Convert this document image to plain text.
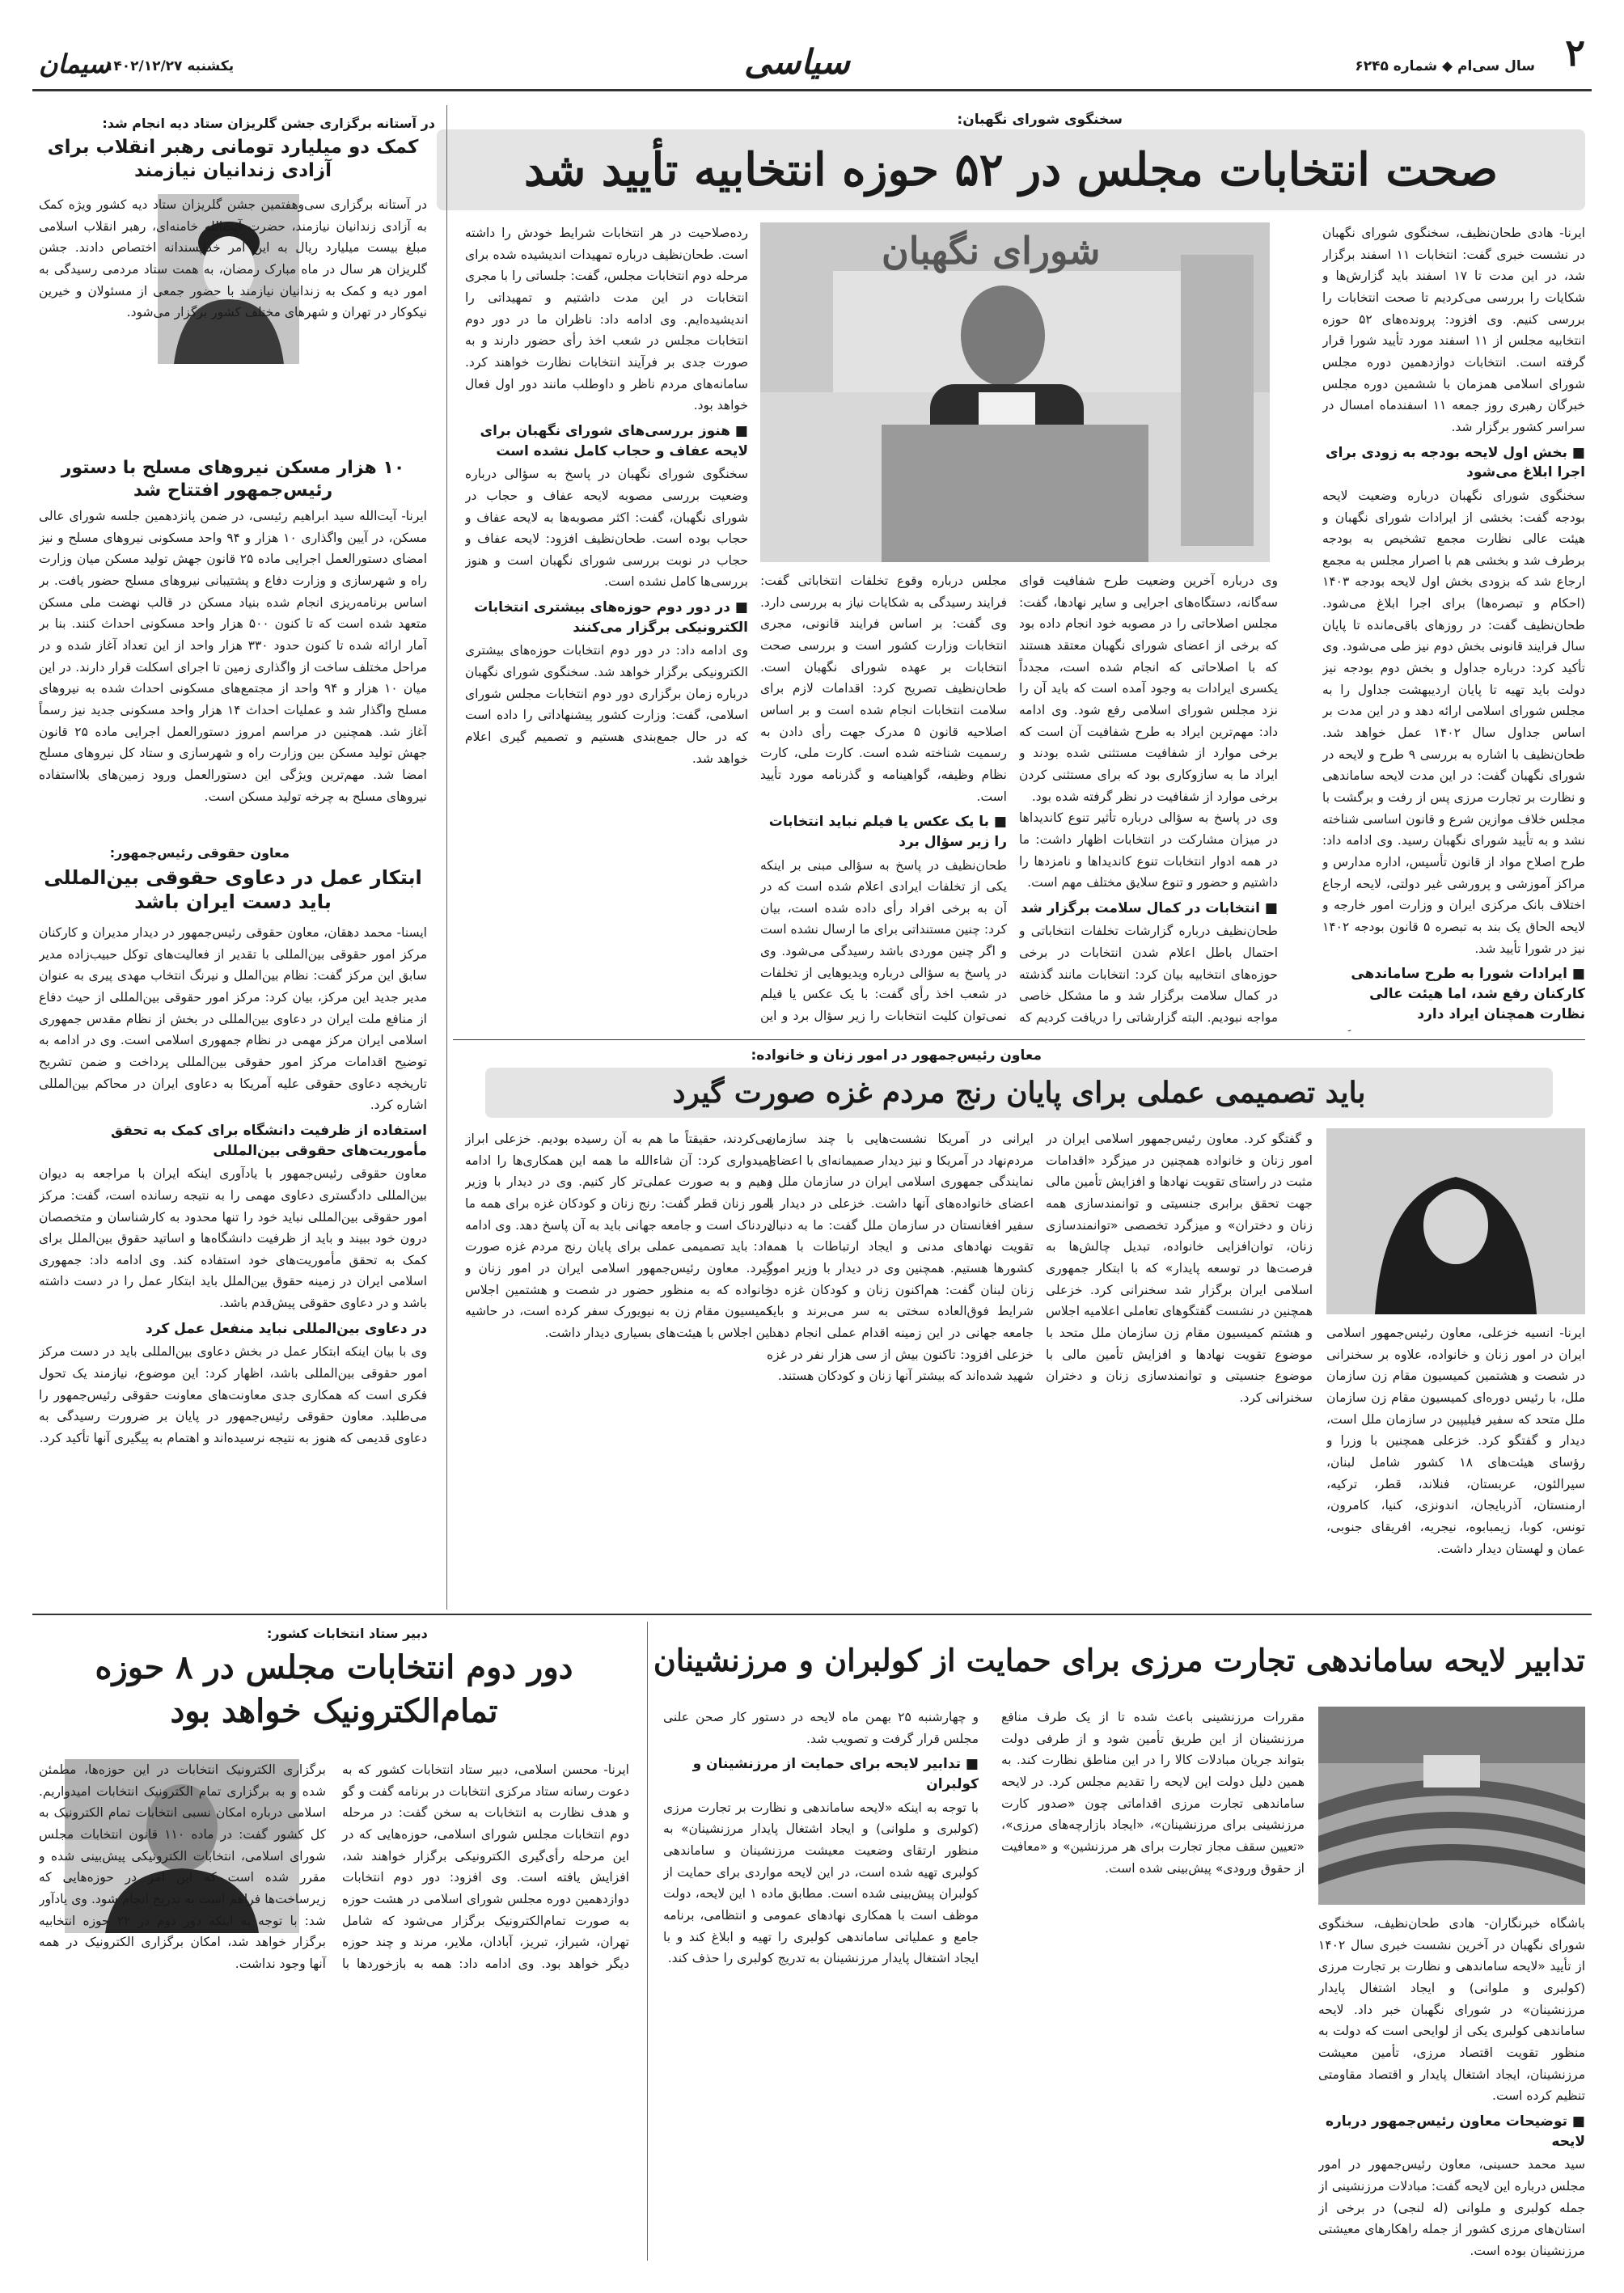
۲
سال سی‌ام ◆ شماره ۶۲۴۵
سیاسی
یکشنبه ۱۴۰۲/۱۲/۲۷
سیمان
سخنگوی شورای نگهبان:
صحت انتخابات مجلس در ۵۲ حوزه انتخابیه تأیید شد
شورای نگهبان	ایرنا- هادی طحان‌نظیف، سخنگوی شورای نگهبان در نشست خبری گفت: انتخابات ۱۱ اسفند برگزار شد، در این مدت تا ۱۷ اسفند باید گزارش‌ها و شکایات را بررسی می‌کردیم تا صحت انتخابات را بررسی کنیم. وی افزود: پرونده‌های ۵۲ حوزه انتخابیه مجلس از ۱۱ اسفند مورد تأیید شورا قرار گرفته است. انتخابات دوازدهمین دوره مجلس شورای اسلامی همزمان با ششمین دوره مجلس خبرگان رهبری روز جمعه ۱۱ اسفندماه امسال در سراسر کشور برگزار شد.

■ بخش اول لایحه بودجه به زودی برای اجرا ابلاغ می‌شود

سخنگوی شورای نگهبان درباره وضعیت لایحه بودجه گفت: بخشی از ایرادات شورای نگهبان و هیئت عالی نظارت مجمع تشخیص به بودجه برطرف شد و بخشی هم با اصرار مجلس به مجمع ارجاع شد که بزودی بخش اول لایحه بودجه ۱۴۰۳ (احکام و تبصره‌ها) برای اجرا ابلاغ می‌شود. طحان‌نظیف گفت: در روزهای باقی‌مانده تا پایان سال فرایند قانونی بخش دوم نیز طی می‌شود. وی تأکید کرد: درباره جداول و بخش دوم بودجه نیز دولت باید تهیه تا پایان اردیبهشت جداول را به مجلس شورای اسلامی ارائه دهد و در این مدت بر اساس جداول سال ۱۴۰۲ عمل خواهد شد. طحان‌نظیف با اشاره به بررسی ۹ طرح و لایحه در شورای نگهبان گفت: در این مدت لایحه ساماندهی و نظارت بر تجارت مرزی پس از رفت و برگشت با مجلس خلاف موازین شرع و قانون اساسی شناخته نشد و به تأیید شورای نگهبان رسید. وی ادامه داد: طرح اصلاح مواد از قانون تأسیس، اداره مدارس و مراکز آموزشی و پرورشی غیر دولتی، لایحه ارجاع اختلاف بانک مرکزی ایران و وزارت امور خارجه و لایحه الحاق یک بند به تبصره ۵ قانون بودجه ۱۴۰۲ نیز در شورا تأیید شد.

■ ایرادات شورا به طرح ساماندهی کارکنان رفع شد، اما هیئت عالی نظارت همچنان ایراد دارد

وی درباره آخرین وضعیت طرح شفافیت قوای سه‌گانه، دستگاه‌های اجرایی و سایر نهادها، گفت: مجلس اصلاحاتی را در مصوبه خود انجام داده بود که برخی از اعضای شورای نگهبان معتقد هستند که با اصلاحاتی که انجام شده است، مجدداً یکسری ایرادات به وجود آمده است که باید آن را نزد مجلس شورای اسلامی رفع شود. وی ادامه داد: مهم‌ترین ایراد به طرح شفافیت آن است که برخی موارد از شفافیت مستثنی شده بودند و ایراد ما به سازوکاری بود که برای مستثنی کردن برخی موارد از شفافیت در نظر گرفته شده بود.

وی در پاسخ به سؤالی درباره تأثیر تنوع کاندیداها در میزان مشارکت در انتخابات اظهار داشت: ما در همه ادوار انتخابات تنوع کاندیداها و نامزدها را داشتیم و حضور و تنوع سلایق مختلف مهم است.

■ انتخابات در کمال سلامت برگزار شد

طحان‌نظیف درباره گزارشات تخلفات انتخاباتی و احتمال باطل اعلام شدن انتخابات در برخی حوزه‌های انتخابیه بیان کرد: انتخابات مانند گذشته در کمال سلامت برگزار شد و ما مشکل خاصی مواجه نبودیم. البته گزارشاتی را دریافت کردیم که

مجلس درباره وقوع تخلفات انتخاباتی گفت: فرایند رسیدگی به شکایات نیاز به بررسی دارد. وی گفت: بر اساس فرایند قانونی، مجری انتخابات وزارت کشور است و بررسی صحت انتخابات بر عهده شورای نگهبان است. طحان‌نظیف تصریح کرد: اقدامات لازم برای سلامت انتخابات انجام شده است و بر اساس اصلاحیه قانون ۵ مدرک جهت رأی دادن به رسمیت شناخته شده است. کارت ملی، کارت نظام وظیفه، گواهینامه و گذرنامه مورد تأیید است.

■ با یک عکس یا فیلم نباید انتخابات را زیر سؤال برد

طحان‌نظیف در پاسخ به سؤالی مبنی بر اینکه یکی از تخلفات ایرادی اعلام شده است که در آن به برخی افراد رأی داده شده است، بیان کرد: چنین مستنداتی برای ما ارسال نشده است و اگر چنین موردی باشد رسیدگی می‌شود. وی در پاسخ به سؤالی درباره ویدیوهایی از تخلفات در شعب اخذ رأی گفت: با یک عکس یا فیلم نمی‌توان کلیت انتخابات را زیر سؤال برد و این

رده‌صلاحیت در هر انتخابات شرایط خودش را داشته است. طحان‌نظیف درباره تمهیدات اندیشیده شده برای مرحله دوم انتخابات مجلس، گفت: جلساتی را با مجری انتخابات در این مدت داشتیم و تمهیداتی را اندیشیده‌ایم. وی ادامه داد: ناظران ما در دور دوم انتخابات مجلس در شعب اخذ رأی حضور دارند و به صورت جدی بر فرآیند انتخابات نظارت خواهند کرد. سامانه‌های مردم ناظر و داوطلب مانند دور اول فعال خواهد بود.

■ هنوز بررسی‌های شورای نگهبان برای لایحه عفاف و حجاب کامل نشده است

سخنگوی شورای نگهبان در پاسخ به سؤالی درباره وضعیت بررسی مصوبه لایحه عفاف و حجاب در شورای نگهبان، گفت: اکثر مصوبه‌ها به لایحه عفاف و حجاب بوده است. طحان‌نظیف افزود: لایحه عفاف و حجاب در نوبت بررسی شورای نگهبان است و هنوز بررسی‌ها کامل نشده است.

■ در دور دوم حوزه‌های بیشتری انتخابات الکترونیکی برگزار می‌کنند

وی ادامه داد: در دور دوم انتخابات حوزه‌های بیشتری الکترونیکی برگزار خواهد شد. سخنگوی شورای نگهبان درباره زمان برگزاری دور دوم انتخابات مجلس شورای اسلامی، گفت: وزارت کشور پیشنهاداتی را داده است که در حال جمع‌بندی هستیم و تصمیم گیری اعلام خواهد شد.

در آستانه برگزاری جشن گلریزان ستاد دیه انجام شد:
کمک دو میلیارد تومانی رهبر انقلاب برای آزادی زندانیان نیازمند

در آستانه برگزاری سی‌وهفتمین جشن گلریزان ستاد دیه کشور ویژه کمک به آزادی زندانیان نیازمند، حضرت آیت‌الله خامنه‌ای، رهبر انقلاب اسلامی مبلغ بیست میلیارد ریال به این امر خداپسندانه اختصاص دادند. جشن گلریزان هر سال در ماه مبارک رمضان، به همت ستاد مردمی رسیدگی به امور دیه و کمک به زندانیان نیازمند با حضور جمعی از مسئولان و خیرین نیکوکار در تهران و شهرهای مختلف کشور برگزار می‌شود.

۱۰ هزار مسکن نیروهای مسلح با دستور رئیس‌جمهور افتتاح شد

ایرنا- آیت‌الله سید ابراهیم رئیسی، در ضمن پانزدهمین جلسه شورای عالی مسکن، در آیین واگذاری ۱۰ هزار و ۹۴ واحد مسکونی نیروهای مسلح و نیز امضای دستورالعمل اجرایی ماده ۲۵ قانون جهش تولید مسکن میان وزارت راه و شهرسازی و وزارت دفاع و پشتیبانی نیروهای مسلح حضور یافت. بر اساس برنامه‌ریزی انجام شده بنیاد مسکن در قالب نهضت ملی مسکن متعهد شده است که تا کنون ۵۰۰ هزار واحد مسکونی احداث کنند. بنا بر آمار ارائه شده تا کنون حدود ۳۳۰ هزار واحد از این تعداد آغاز شده و در مراحل مختلف ساخت از واگذاری زمین تا اجرای اسکلت قرار دارند. در این میان ۱۰ هزار و ۹۴ واحد از مجتمع‌های مسکونی احداث شده به نیروهای مسلح واگذار شد و عملیات احداث ۱۴ هزار واحد مسکونی جدید نیز رسماً آغاز شد. همچنین در مراسم امروز دستورالعمل اجرایی ماده ۲۵ قانون جهش تولید مسکن بین وزارت راه و شهرسازی و ستاد کل نیروهای مسلح امضا شد. مهم‌ترین ویژگی این دستورالعمل ورود زمین‌های بلااستفاده نیروهای مسلح به چرخه تولید مسکن است.

معاون حقوقی رئیس‌جمهور:
ابتکار عمل در دعاوی حقوقی بین‌المللی باید دست ایران باشد

ایسنا- محمد دهقان، معاون حقوقی رئیس‌جمهور در دیدار مدیران و کارکنان مرکز امور حقوقی بین‌المللی با تقدیر از فعالیت‌های توکل حبیب‌زاده مدیر سابق این مرکز گفت: نظام بین‌الملل و نیرنگ انتخاب مهدی پیری به عنوان مدیر جدید این مرکز، بیان کرد: مرکز امور حقوقی بین‌المللی از حیث دفاع از منافع ملت ایران در دعاوی بین‌المللی در بخش از نظام مقدس جمهوری اسلامی ایران مرکز مهمی در نظام جمهوری اسلامی است. وی در ادامه به توضیح اقدامات مرکز امور حقوقی بین‌المللی پرداخت و ضمن تشریح تاریخچه دعاوی حقوقی علیه آمریکا به دعاوی ایران در محاکم بین‌المللی اشاره کرد.

استفاده از ظرفیت دانشگاه برای کمک به تحقق مأموریت‌های حقوقی بین‌المللی

معاون حقوقی رئیس‌جمهور با یادآوری اینکه ایران با مراجعه به دیوان بین‌المللی دادگستری دعاوی مهمی را به نتیجه رسانده است، گفت: مرکز امور حقوقی بین‌المللی نباید خود را تنها محدود به کارشناسان و متخصصان درون خود ببیند و باید از ظرفیت دانشگاه‌ها و اساتید حقوق بین‌الملل برای کمک به تحقق مأموریت‌های خود استفاده کند. وی ادامه داد: جمهوری اسلامی ایران در زمینه حقوق بین‌الملل باید ابتکار عمل را در دست داشته باشد و در دعاوی حقوقی پیش‌قدم باشد.

در دعاوی بین‌المللی نباید منفعل عمل کرد

وی با بیان اینکه ابتکار عمل در بخش دعاوی بین‌المللی باید در دست مرکز امور حقوقی بین‌المللی باشد، اظهار کرد: این موضوع، نیازمند یک تحول فکری است که همکاری جدی معاونت‌های معاونت حقوقی رئیس‌جمهور را می‌طلبد. معاون حقوقی رئیس‌جمهور در پایان بر ضرورت رسیدگی به دعاوی قدیمی که هنوز به نتیجه نرسیده‌اند و اهتمام به پیگیری آنها تأکید کرد.

معاون رئیس‌جمهور در امور زنان و خانواده:
باید تصمیمی عملی برای پایان رنج مردم غزه صورت گیرد

ایرنا- انسیه خزعلی، معاون رئیس‌جمهور اسلامی ایران در امور زنان و خانواده، علاوه بر سخنرانی در شصت و هشتمین کمیسیون مقام زن سازمان ملل، با رئیس دوره‌ای کمیسیون مقام زن سازمان ملل متحد که سفیر فیلیپین در سازمان ملل است، دیدار و گفتگو کرد. خزعلی همچنین با وزرا و رؤسای هیئت‌های ۱۸ کشور شامل لبنان، سیرالئون، عربستان، فنلاند، قطر، ترکیه، ارمنستان، آذربایجان، اندونزی، کنیا، کامرون، تونس، کوبا، زیمبابوه، نیجریه، افریقای جنوبی، عمان و لهستان دیدار داشت.

و گفتگو کرد. معاون رئیس‌جمهور اسلامی ایران در امور زنان و خانواده همچنین در میزگرد «اقدامات مثبت در راستای تقویت نهادها و افزایش تأمین مالی جهت تحقق برابری جنسیتی و توانمندسازی همه زنان و دختران» و میزگرد تخصصی «توانمندسازی زنان، توان‌افزایی خانواده، تبدیل چالش‌ها به فرصت‌ها در توسعه پایدار» که با ابتکار جمهوری اسلامی ایران برگزار شد سخنرانی کرد. خزعلی همچنین در نشست گفتگوهای تعاملی اعلامیه اجلاس و هشتم کمیسیون مقام زن سازمان ملل متحد با موضوع تقویت نهادها و افزایش تأمین مالی با موضوع جنسیتی و توانمندسازی زنان و دختران سخنرانی کرد.

ایرانی در آمریکا نشست‌هایی با چند سازمان مردم‌نهاد در آمریکا و نیز دیدار صمیمانه‌ای با اعضای نمایندگی جمهوری اسلامی ایران در سازمان ملل و اعضای خانواده‌های آنها داشت. خزعلی در دیدار با سفیر افغانستان در سازمان ملل گفت: ما به دنبال تقویت نهادهای مدنی و ایجاد ارتباطات با همه کشورها هستیم. همچنین وی در دیدار با وزیر امور زنان لبنان گفت: هم‌اکنون زنان و کودکان غزه در شرایط فوق‌العاده سختی به سر می‌برند و باید جامعه جهانی در این زمینه اقدام عملی انجام دهد. خزعلی افزود: تاکنون بیش از سی هزار نفر در غزه شهید شده‌اند که بیشتر آنها زنان و کودکان هستند.

می‌کردند، حقیقتاً ما هم به آن رسیده بودیم. خزعلی ابراز امیدواری کرد: آن شاءالله ما همه این همکاری‌ها را ادامه دهیم و به صورت عملی‌تر کار کنیم. وی در دیدار با وزیر امور زنان قطر گفت: رنج زنان و کودکان غزه برای همه ما دردناک است و جامعه جهانی باید به آن پاسخ دهد. وی ادامه داد: باید تصمیمی عملی برای پایان رنج مردم غزه صورت گیرد. معاون رئیس‌جمهور اسلامی ایران در امور زنان و خانواده که به منظور حضور در شصت و هشتمین اجلاس کمیسیون مقام زن به نیویورک سفر کرده است، در حاشیه این اجلاس با هیئت‌های بسیاری دیدار داشت.

دبیر ستاد انتخابات کشور:
دور دوم انتخابات مجلس در ۸ حوزه تمام‌الکترونیک خواهد بود

ایرنا- محسن اسلامی، دبیر ستاد انتخابات کشور که به دعوت رسانه ستاد مرکزی انتخابات در برنامه گفت و گو و هدف نظارت به انتخابات به سخن گفت: در مرحله دوم انتخابات مجلس شورای اسلامی، حوزه‌هایی که در این مرحله رأی‌گیری الکترونیکی برگزار خواهند شد، افزایش یافته است. وی افزود: دور دوم انتخابات دوازدهمین دوره مجلس شورای اسلامی در هشت حوزه به صورت تمام‌الکترونیک برگزار می‌شود که شامل تهران، شیراز، تبریز، آبادان، ملایر، مرند و چند حوزه دیگر خواهد بود. وی ادامه داد: همه به بازخوردها با برگزاری الکترونیک انتخابات در این حوزه‌ها، مطمئن شده و به برگزاری تمام الکترونیک انتخابات امیدواریم. اسلامی درباره امکان نسبی انتخابات تمام الکترونیک به کل کشور گفت: در ماده ۱۱۰ قانون انتخابات مجلس شورای اسلامی، انتخابات الکترونیکی پیش‌بینی شده و مقرر شده است که این امر در حوزه‌هایی که زیرساخت‌ها فراهم است به تدریج انجام شود. وی یادآور شد: با توجه به اینکه دور دوم در ۲۲ حوزه انتخابیه برگزار خواهد شد، امکان برگزاری الکترونیک در همه آنها وجود نداشت.

تدابیر لایحه ساماندهی تجارت مرزی برای حمایت از کولبران و مرزنشینان

باشگاه خبرنگاران- هادی طحان‌نظیف، سخنگوی شورای نگهبان در آخرین نشست خبری سال ۱۴۰۲ از تأیید «لایحه ساماندهی و نظارت بر تجارت مرزی (کولبری و ملوانی) و ایجاد اشتغال پایدار مرزنشینان» در شورای نگهبان خبر داد. لایحه ساماندهی کولبری یکی از لوایحی است که دولت به منظور تقویت اقتصاد مرزی، تأمین معیشت مرزنشینان، ایجاد اشتغال پایدار و اقتصاد مقاومتی تنظیم کرده است.

■ توضیحات معاون رئیس‌جمهور درباره لایحه

سید محمد حسینی، معاون رئیس‌جمهور در امور مجلس درباره این لایحه گفت: مبادلات مرزنشینی از جمله کولبری و ملوانی (له لنجی) در برخی از استان‌های مرزی کشور از جمله راهکارهای معیشتی مرزنشینان بوده است.

مقررات مرزنشینی باعث شده تا از یک طرف منافع مرزنشینان از این طریق تأمین شود و از طرفی دولت بتواند جریان مبادلات کالا را در این مناطق نظارت کند. به همین دلیل دولت این لایحه را تقدیم مجلس کرد. در لایحه ساماندهی تجارت مرزی اقداماتی چون «صدور کارت مرزنشینی برای مرزنشینان»، «ایجاد بازارچه‌های مرزی»، «تعیین سقف مجاز تجارت برای هر مرزنشین» و «معافیت از حقوق ورودی» پیش‌بینی شده است.

و چهارشنبه ۲۵ بهمن ماه لایحه در دستور کار صحن علنی مجلس قرار گرفت و تصویب شد.

■ تدابیر لایحه برای حمایت از مرزنشینان و کولبران

با توجه به اینکه «لایحه ساماندهی و نظارت بر تجارت مرزی (کولبری و ملوانی) و ایجاد اشتغال پایدار مرزنشینان» به منظور ارتقای وضعیت معیشت مرزنشینان و ساماندهی کولبری تهیه شده است، در این لایحه مواردی برای حمایت از کولبران پیش‌بینی شده است. مطابق ماده ۱ این لایحه، دولت موظف است با همکاری نهادهای عمومی و انتظامی، برنامه جامع و عملیاتی ساماندهی کولبری را تهیه و ابلاغ کند و با ایجاد اشتغال پایدار مرزنشینان به تدریج کولبری را حذف کند.
